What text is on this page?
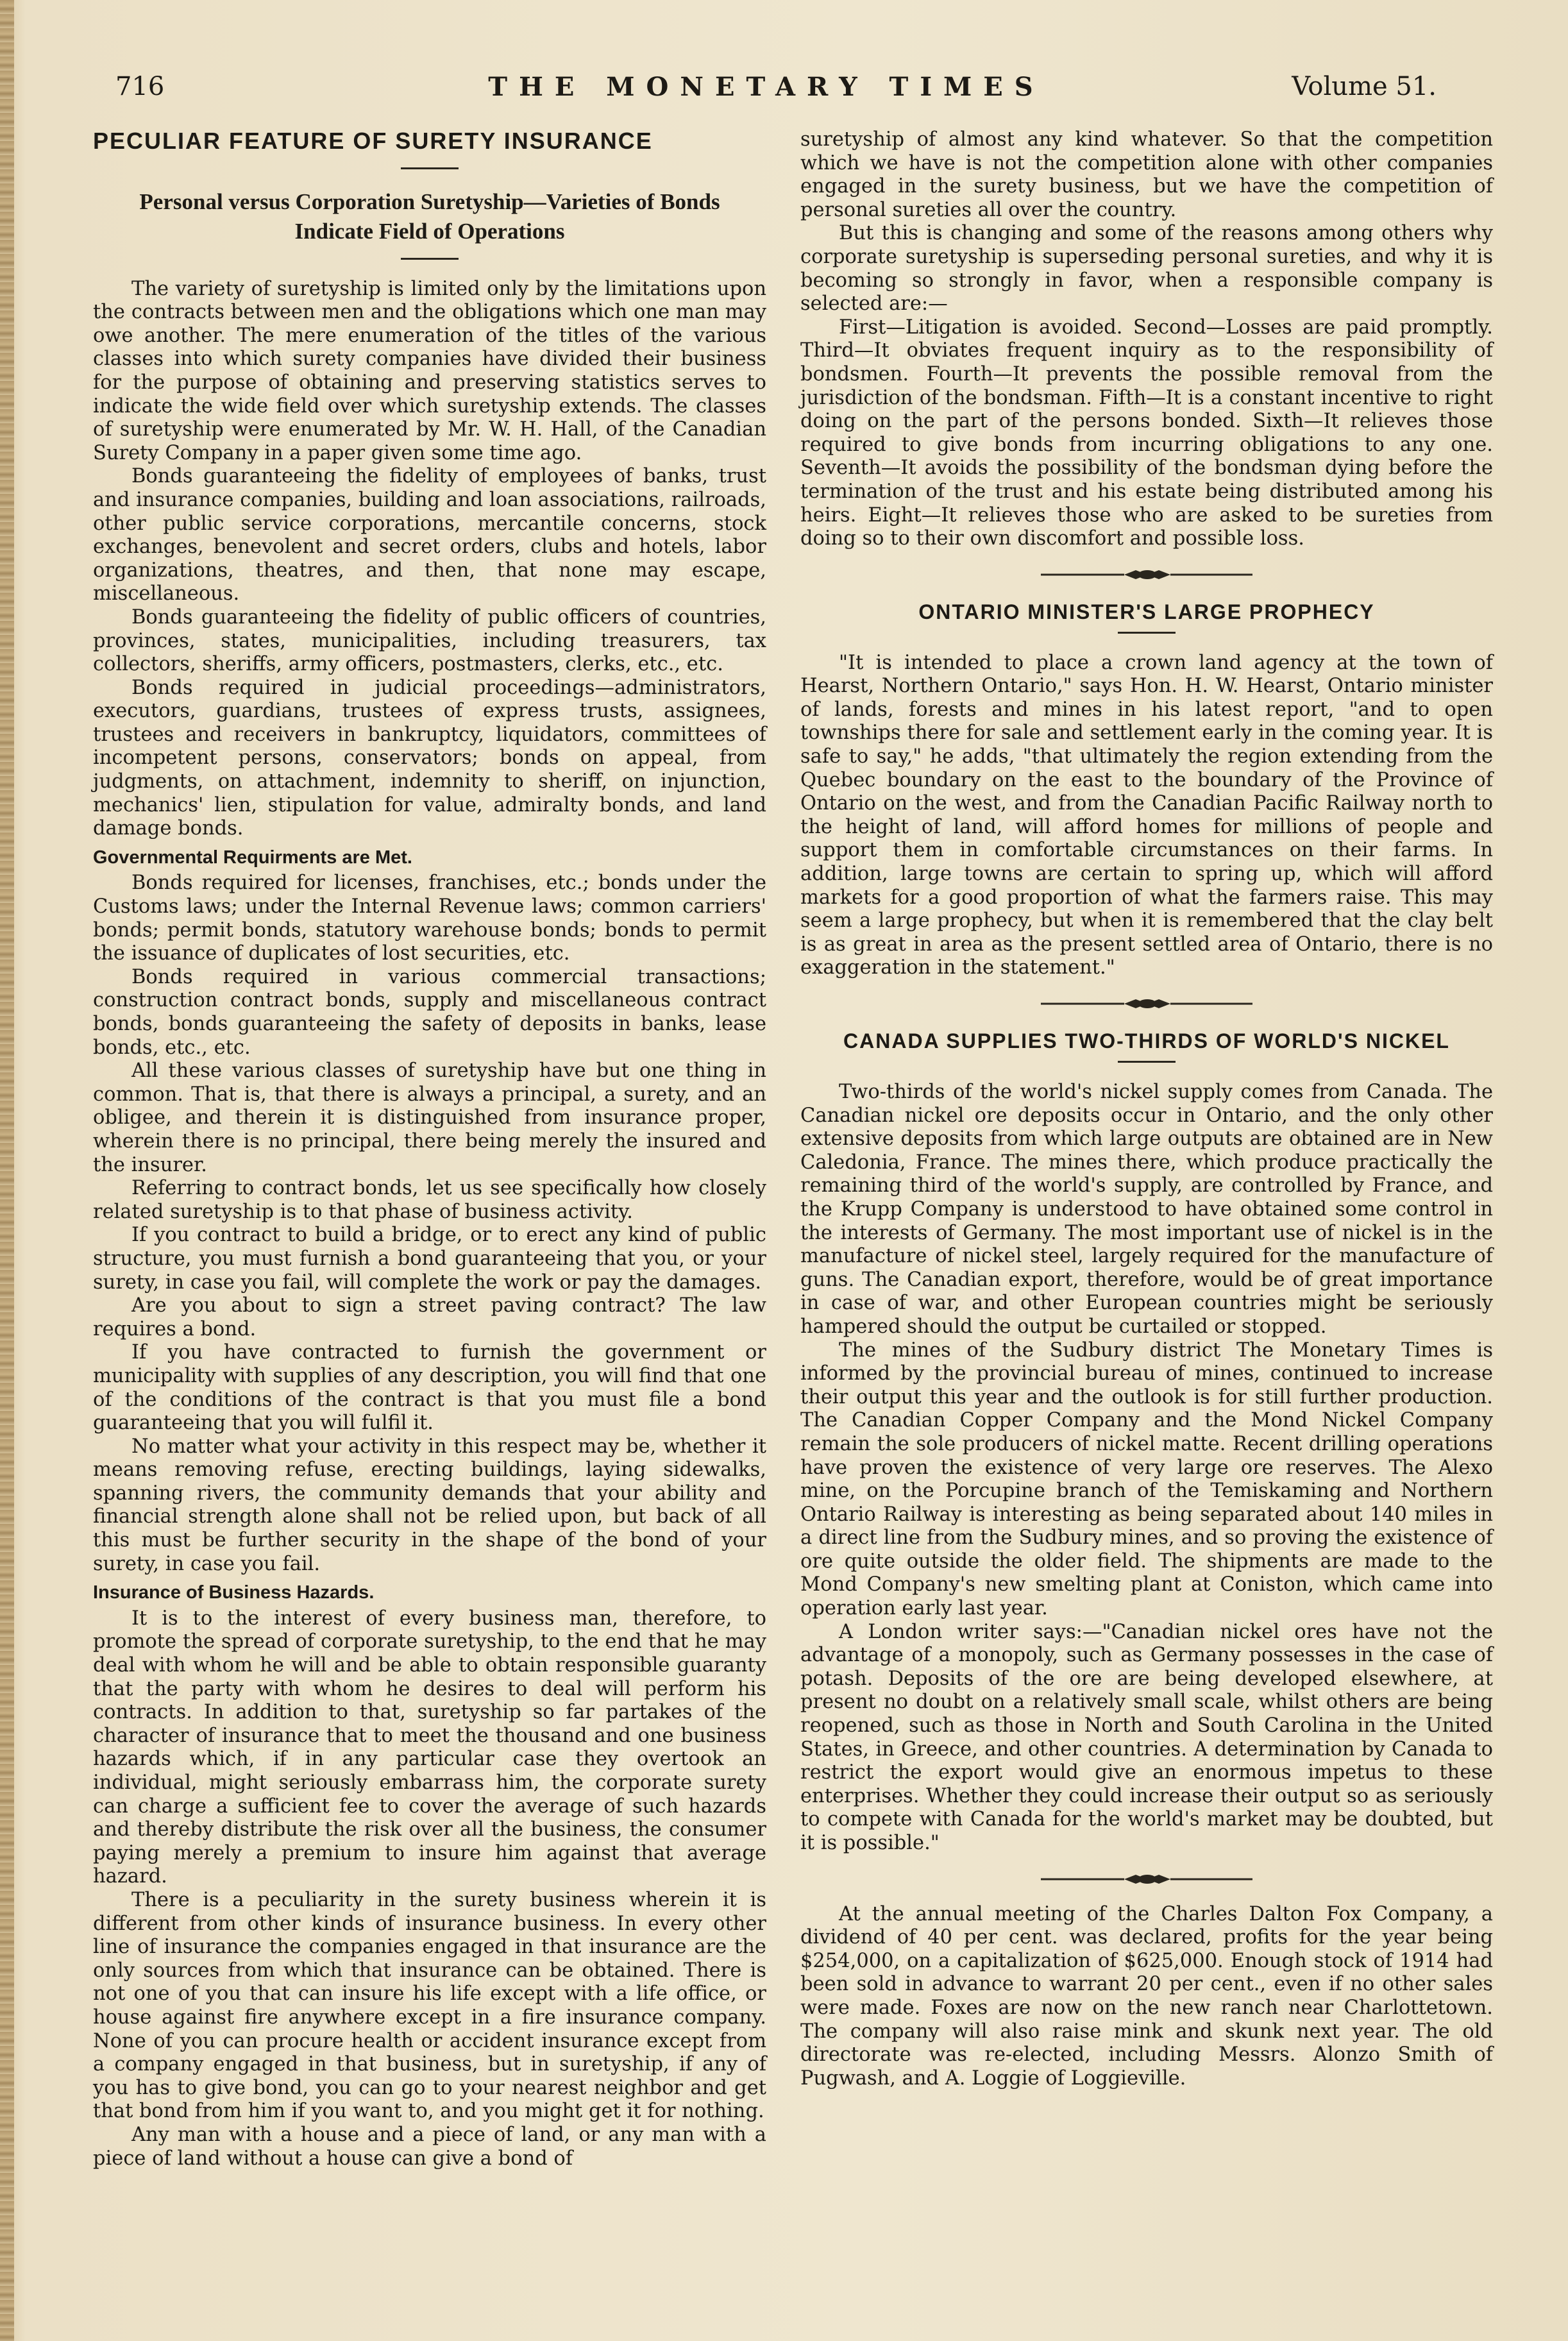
716	THE MONETARY TIMES	Volume 51.
PECULIAR FEATURE OF SURETY INSURANCE
Personal versus Corporation Suretyship—Varieties of Bonds Indicate Field of Operations

The variety of suretyship is limited only by the limitations upon the contracts between men and the obligations which one man may owe another. The mere enumeration of the titles of the various classes into which surety companies have divided their business for the purpose of obtaining and preserving statistics serves to indicate the wide field over which suretyship extends. The classes of suretyship were enumerated by Mr. W. H. Hall, of the Canadian Surety Company in a paper given some time ago.

Bonds guaranteeing the fidelity of employees of banks, trust and insurance companies, building and loan associations, railroads, other public service corporations, mercantile concerns, stock exchanges, benevolent and secret orders, clubs and hotels, labor organizations, theatres, and then, that none may escape, miscellaneous.

Bonds guaranteeing the fidelity of public officers of countries, provinces, states, municipalities, including treasurers, tax collectors, sheriffs, army officers, postmasters, clerks, etc., etc.

Bonds required in judicial proceedings—administrators, executors, guardians, trustees of express trusts, assignees, trustees and receivers in bankruptcy, liquidators, committees of incompetent persons, conservators; bonds on appeal, from judgments, on attachment, indemnity to sheriff, on injunction, mechanics' lien, stipulation for value, admiralty bonds, and land damage bonds.

Governmental Requirments are Met.

Bonds required for licenses, franchises, etc.; bonds under the Customs laws; under the Internal Revenue laws; common carriers' bonds; permit bonds, statutory warehouse bonds; bonds to permit the issuance of duplicates of lost securities, etc.

Bonds required in various commercial transactions; construction contract bonds, supply and miscellaneous contract bonds, bonds guaranteeing the safety of deposits in banks, lease bonds, etc., etc.

All these various classes of suretyship have but one thing in common. That is, that there is always a principal, a surety, and an obligee, and therein it is distinguished from insurance proper, wherein there is no principal, there being merely the insured and the insurer.

Referring to contract bonds, let us see specifically how closely related suretyship is to that phase of business activity.

If you contract to build a bridge, or to erect any kind of public structure, you must furnish a bond guaranteeing that you, or your surety, in case you fail, will complete the work or pay the damages.

Are you about to sign a street paving contract? The law requires a bond.

If you have contracted to furnish the government or municipality with supplies of any description, you will find that one of the conditions of the contract is that you must file a bond guaranteeing that you will fulfil it.

No matter what your activity in this respect may be, whether it means removing refuse, erecting buildings, laying sidewalks, spanning rivers, the community demands that your ability and financial strength alone shall not be relied upon, but back of all this must be further security in the shape of the bond of your surety, in case you fail.

Insurance of Business Hazards.

It is to the interest of every business man, therefore, to promote the spread of corporate suretyship, to the end that he may deal with whom he will and be able to obtain responsible guaranty that the party with whom he desires to deal will perform his contracts. In addition to that, suretyship so far partakes of the character of insurance that to meet the thousand and one business hazards which, if in any particular case they overtook an individual, might seriously embarrass him, the corporate surety can charge a sufficient fee to cover the average of such hazards and thereby distribute the risk over all the business, the consumer paying merely a premium to insure him against that average hazard.

There is a peculiarity in the surety business wherein it is different from other kinds of insurance business. In every other line of insurance the companies engaged in that insurance are the only sources from which that insurance can be obtained. There is not one of you that can insure his life except with a life office, or house against fire anywhere except in a fire insurance company. None of you can procure health or accident insurance except from a company engaged in that business, but in suretyship, if any of you has to give bond, you can go to your nearest neighbor and get that bond from him if you want to, and you might get it for nothing.

Any man with a house and a piece of land, or any man with a piece of land without a house can give a bond of

suretyship of almost any kind whatever. So that the competition which we have is not the competition alone with other companies engaged in the surety business, but we have the competition of personal sureties all over the country.

But this is changing and some of the reasons among others why corporate suretyship is superseding personal sureties, and why it is becoming so strongly in favor, when a responsible company is selected are:—

First—Litigation is avoided. Second—Losses are paid promptly. Third—It obviates frequent inquiry as to the responsibility of bondsmen. Fourth—It prevents the possible removal from the jurisdiction of the bondsman. Fifth—It is a constant incentive to right doing on the part of the persons bonded. Sixth—It relieves those required to give bonds from incurring obligations to any one. Seventh—It avoids the possibility of the bondsman dying before the termination of the trust and his estate being distributed among his heirs. Eight—It relieves those who are asked to be sureties from doing so to their own discomfort and possible loss.

ONTARIO MINISTER'S LARGE PROPHECY

"It is intended to place a crown land agency at the town of Hearst, Northern Ontario," says Hon. H. W. Hearst, Ontario minister of lands, forests and mines in his latest report, "and to open townships there for sale and settlement early in the coming year. It is safe to say," he adds, "that ultimately the region extending from the Quebec boundary on the east to the boundary of the Province of Ontario on the west, and from the Canadian Pacific Railway north to the height of land, will afford homes for millions of people and support them in comfortable circumstances on their farms. In addition, large towns are certain to spring up, which will afford markets for a good proportion of what the farmers raise. This may seem a large prophecy, but when it is remembered that the clay belt is as great in area as the present settled area of Ontario, there is no exaggeration in the statement."

CANADA SUPPLIES TWO-THIRDS OF WORLD'S NICKEL

Two-thirds of the world's nickel supply comes from Canada. The Canadian nickel ore deposits occur in Ontario, and the only other extensive deposits from which large outputs are obtained are in New Caledonia, France. The mines there, which produce practically the remaining third of the world's supply, are controlled by France, and the Krupp Company is understood to have obtained some control in the interests of Germany. The most important use of nickel is in the manufacture of nickel steel, largely required for the manufacture of guns. The Canadian export, therefore, would be of great importance in case of war, and other European countries might be seriously hampered should the output be curtailed or stopped.

The mines of the Sudbury district The Monetary Times is informed by the provincial bureau of mines, continued to increase their output this year and the outlook is for still further production. The Canadian Copper Company and the Mond Nickel Company remain the sole producers of nickel matte. Recent drilling operations have proven the existence of very large ore reserves. The Alexo mine, on the Porcupine branch of the Temiskaming and Northern Ontario Railway is interesting as being separated about 140 miles in a direct line from the Sudbury mines, and so proving the existence of ore quite outside the older field. The shipments are made to the Mond Company's new smelting plant at Coniston, which came into operation early last year.

A London writer says:—"Canadian nickel ores have not the advantage of a monopoly, such as Germany possesses in the case of potash. Deposits of the ore are being developed elsewhere, at present no doubt on a relatively small scale, whilst others are being reopened, such as those in North and South Carolina in the United States, in Greece, and other countries. A determination by Canada to restrict the export would give an enormous impetus to these enterprises. Whether they could increase their output so as seriously to compete with Canada for the world's market may be doubted, but it is possible."

At the annual meeting of the Charles Dalton Fox Company, a dividend of 40 per cent. was declared, profits for the year being $254,000, on a capitalization of $625,000. Enough stock of 1914 had been sold in advance to warrant 20 per cent., even if no other sales were made. Foxes are now on the new ranch near Charlottetown. The company will also raise mink and skunk next year. The old directorate was re-elected, including Messrs. Alonzo Smith of Pugwash, and A. Loggie of Loggieville.
